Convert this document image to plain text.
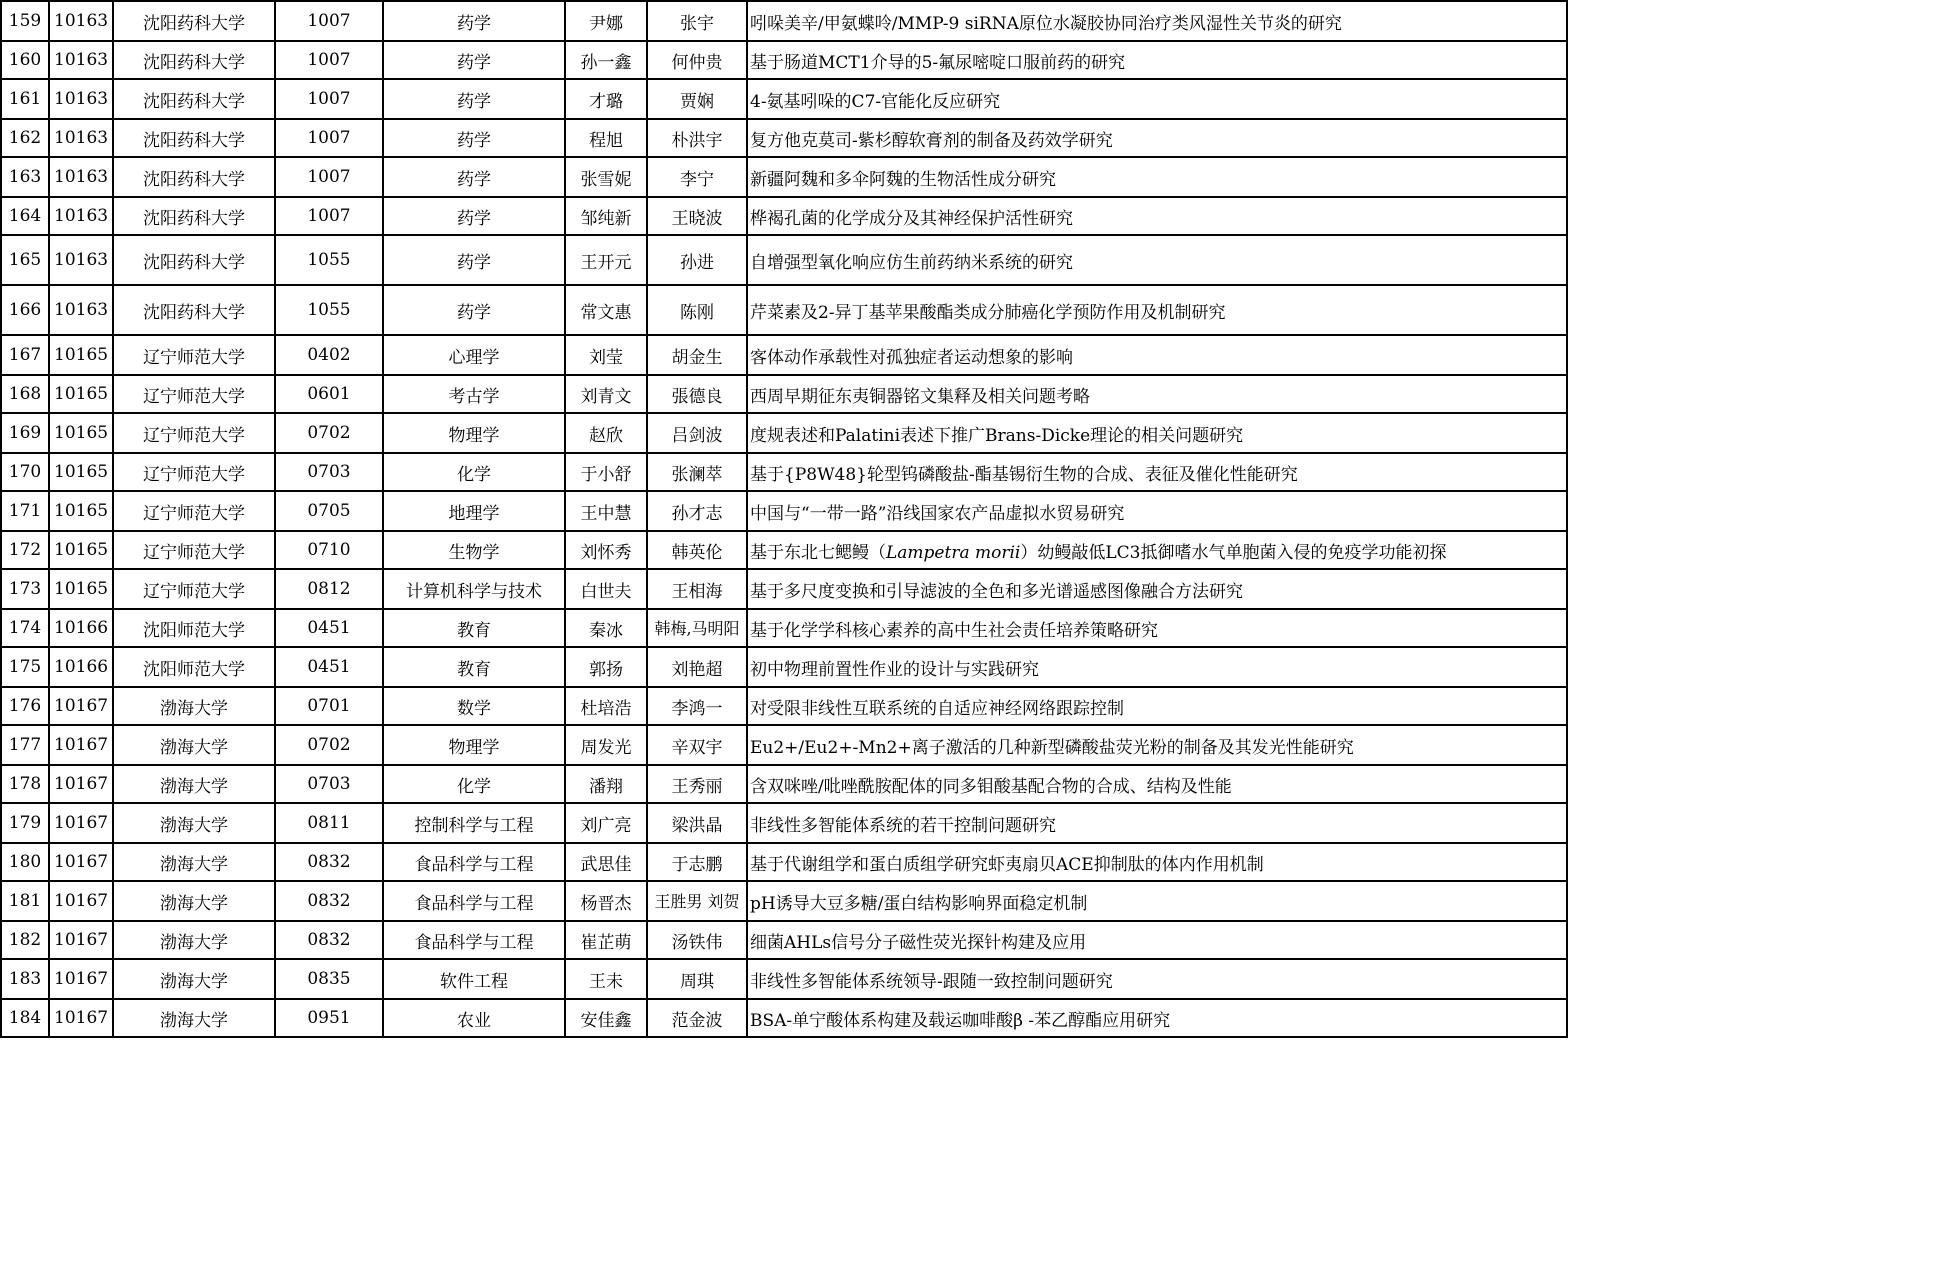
159	10163	沈阳药科大学	1007	药学	尹娜	张宇	吲哚美辛/甲氨蝶呤/MMP-9 siRNA原位水凝胶协同治疗类风湿性关节炎的研究
160	10163	沈阳药科大学	1007	药学	孙一鑫	何仲贵	基于肠道MCT1介导的5-氟尿嘧啶口服前药的研究
161	10163	沈阳药科大学	1007	药学	才璐	贾娴	4-氨基吲哚的C7-官能化反应研究
162	10163	沈阳药科大学	1007	药学	程旭	朴洪宇	复方他克莫司-紫杉醇软膏剂的制备及药效学研究
163	10163	沈阳药科大学	1007	药学	张雪妮	李宁	新疆阿魏和多伞阿魏的生物活性成分研究
164	10163	沈阳药科大学	1007	药学	邹纯新	王晓波	桦褐孔菌的化学成分及其神经保护活性研究
165	10163	沈阳药科大学	1055	药学	王开元	孙进	自增强型氧化响应仿生前药纳米系统的研究
166	10163	沈阳药科大学	1055	药学	常文惠	陈刚	芹菜素及2-异丁基苹果酸酯类成分肺癌化学预防作用及机制研究
167	10165	辽宁师范大学	0402	心理学	刘莹	胡金生	客体动作承载性对孤独症者运动想象的影响
168	10165	辽宁师范大学	0601	考古学	刘青文	張德良	西周早期征东夷铜器铭文集释及相关问题考略
169	10165	辽宁师范大学	0702	物理学	赵欣	吕剑波	度规表述和Palatini表述下推广Brans-Dicke理论的相关问题研究
170	10165	辽宁师范大学	0703	化学	于小舒	张澜萃	基于{P8W48}轮型钨磷酸盐-酯基锡衍生物的合成、表征及催化性能研究
171	10165	辽宁师范大学	0705	地理学	王中慧	孙才志	中国与“一带一路”沿线国家农产品虚拟水贸易研究
172	10165	辽宁师范大学	0710	生物学	刘怀秀	韩英伦	基于东北七鳃鳗（Lampetra morii）幼鳗敲低LC3抵御嗜水气单胞菌入侵的免疫学功能初探
173	10165	辽宁师范大学	0812	计算机科学与技术	白世夫	王相海	基于多尺度变换和引导滤波的全色和多光谱遥感图像融合方法研究
174	10166	沈阳师范大学	0451	教育	秦冰	韩梅,马明阳	基于化学学科核心素养的高中生社会责任培养策略研究
175	10166	沈阳师范大学	0451	教育	郭扬	刘艳超	初中物理前置性作业的设计与实践研究
176	10167	渤海大学	0701	数学	杜培浩	李鸿一	对受限非线性互联系统的自适应神经网络跟踪控制
177	10167	渤海大学	0702	物理学	周发光	辛双宇	Eu2+/Eu2+-Mn2+离子激活的几种新型磷酸盐荧光粉的制备及其发光性能研究
178	10167	渤海大学	0703	化学	潘翔	王秀丽	含双咪唑/吡唑酰胺配体的同多钼酸基配合物的合成、结构及性能
179	10167	渤海大学	0811	控制科学与工程	刘广亮	梁洪晶	非线性多智能体系统的若干控制问题研究
180	10167	渤海大学	0832	食品科学与工程	武思佳	于志鹏	基于代谢组学和蛋白质组学研究虾夷扇贝ACE抑制肽的体内作用机制
181	10167	渤海大学	0832	食品科学与工程	杨晋杰	王胜男 刘贺	pH诱导大豆多糖/蛋白结构影响界面稳定机制
182	10167	渤海大学	0832	食品科学与工程	崔芷萌	汤铁伟	细菌AHLs信号分子磁性荧光探针构建及应用
183	10167	渤海大学	0835	软件工程	王未	周琪	非线性多智能体系统领导-跟随一致控制问题研究
184	10167	渤海大学	0951	农业	安佳鑫	范金波	BSA-单宁酸体系构建及载运咖啡酸β -苯乙醇酯应用研究
